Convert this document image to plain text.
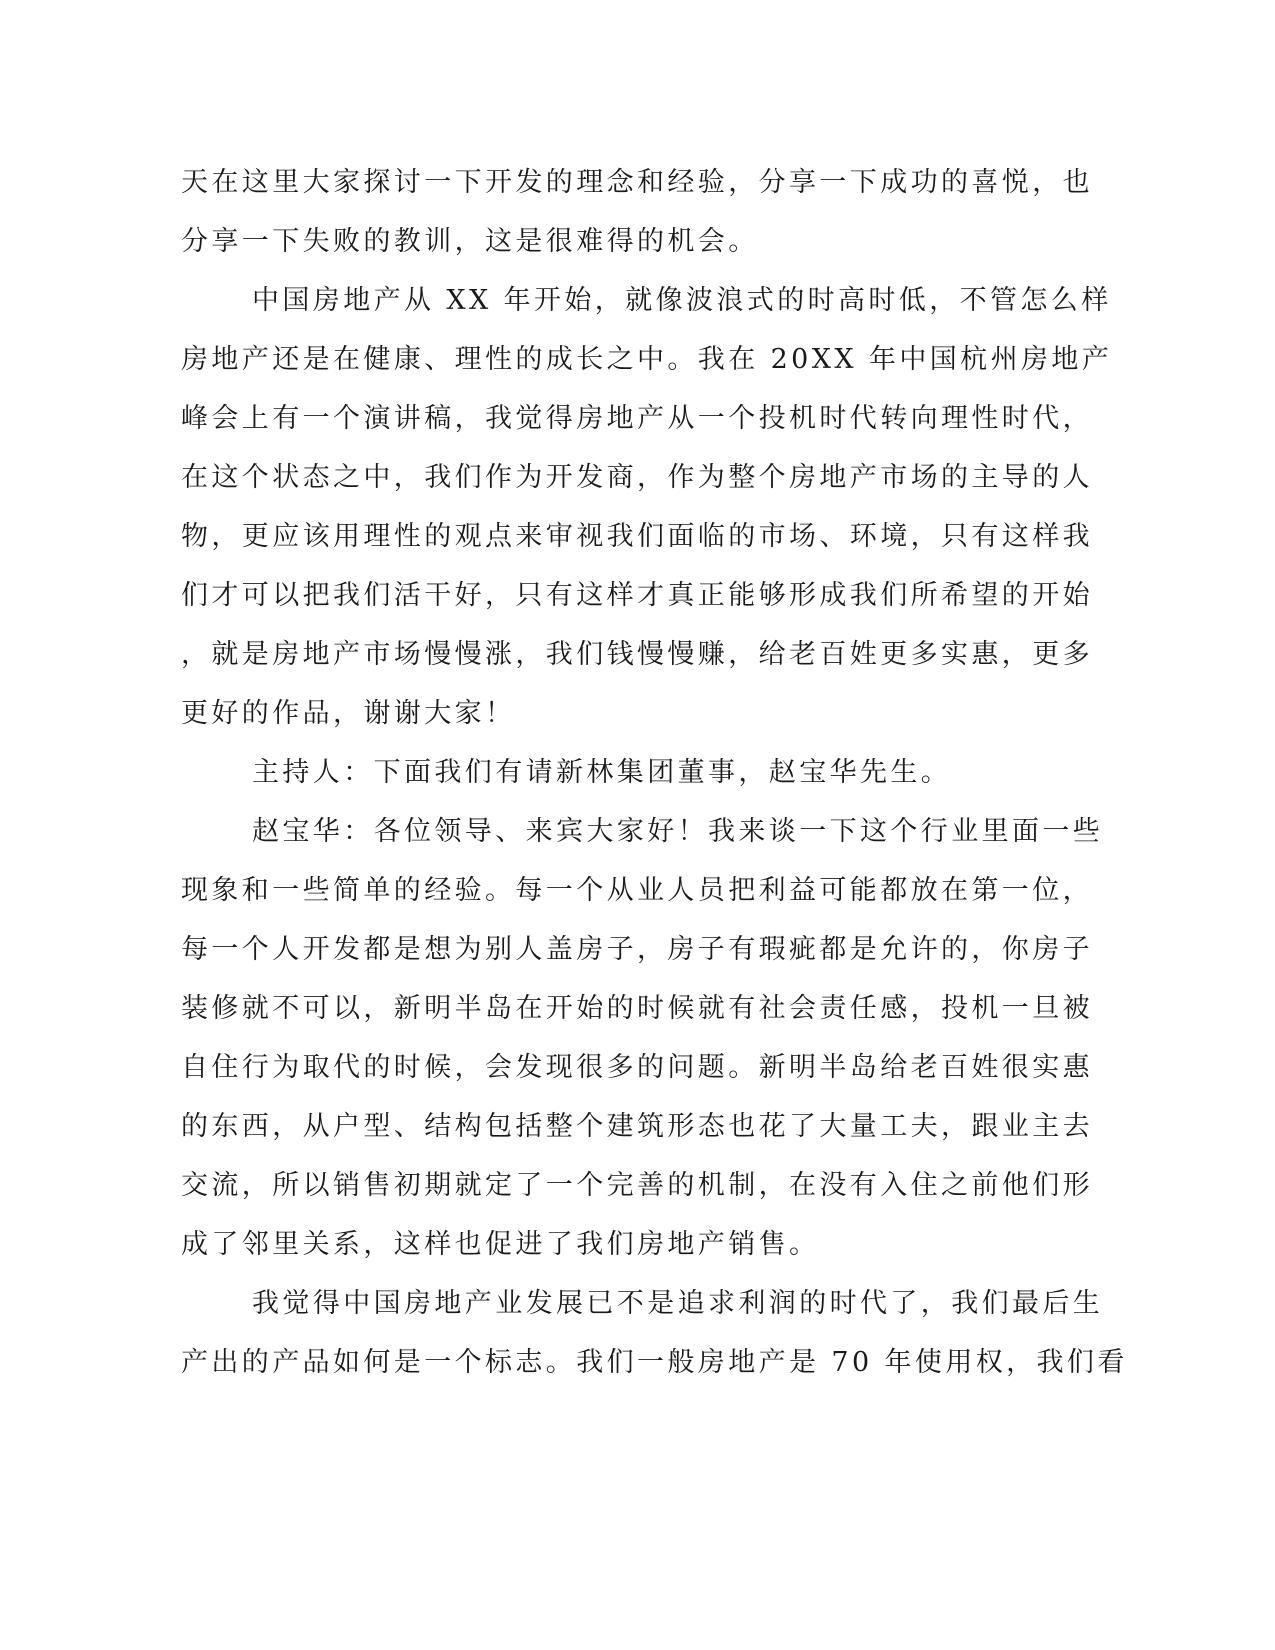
天在这里大家探讨一下开发的理念和经验，分享一下成功的喜悦，也
分享一下失败的教训，这是很难得的机会。
中国房地产从 XX 年开始，就像波浪式的时高时低，不管怎么样
房地产还是在健康、理性的成长之中。我在 20XX 年中国杭州房地产
峰会上有一个演讲稿，我觉得房地产从一个投机时代转向理性时代，
在这个状态之中，我们作为开发商，作为整个房地产市场的主导的人
物，更应该用理性的观点来审视我们面临的市场、环境，只有这样我
们才可以把我们活干好，只有这样才真正能够形成我们所希望的开始
，就是房地产市场慢慢涨，我们钱慢慢赚，给老百姓更多实惠，更多
更好的作品，谢谢大家！
主持人：下面我们有请新林集团董事，赵宝华先生。
赵宝华：各位领导、来宾大家好！我来谈一下这个行业里面一些
现象和一些简单的经验。每一个从业人员把利益可能都放在第一位，
每一个人开发都是想为别人盖房子，房子有瑕疵都是允许的，你房子
装修就不可以，新明半岛在开始的时候就有社会责任感，投机一旦被
自住行为取代的时候，会发现很多的问题。新明半岛给老百姓很实惠
的东西，从户型、结构包括整个建筑形态也花了大量工夫，跟业主去
交流，所以销售初期就定了一个完善的机制，在没有入住之前他们形
成了邻里关系，这样也促进了我们房地产销售。
我觉得中国房地产业发展已不是追求利润的时代了，我们最后生
产出的产品如何是一个标志。我们一般房地产是 70 年使用权，我们看
